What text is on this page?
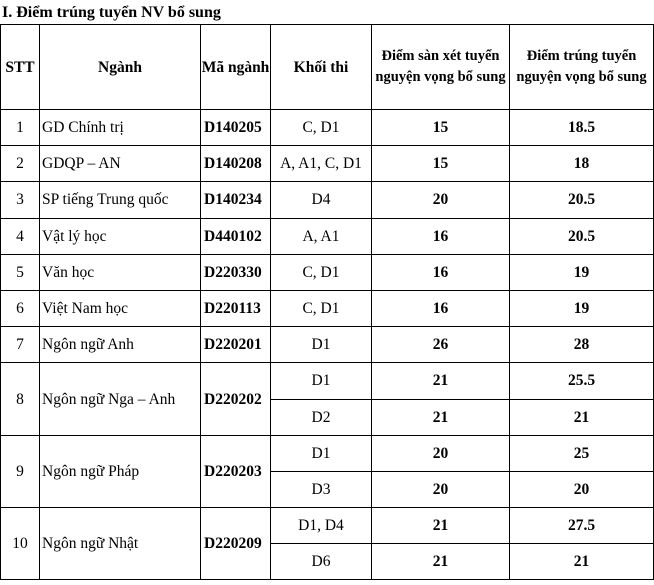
I. Điểm trúng tuyển NV bổ sung
STT	Ngành	Mã ngành	Khối thi	Điểm sàn xét tuyển nguyện vọng bổ sung	Điểm trúng tuyển nguyện vọng bổ sung
1	GD Chính trị	D140205	C, D1	15	18.5
2	GDQP – AN	D140208	A, A1, C, D1	15	18
3	SP tiếng Trung quốc	D140234	D4	20	20.5
4	Vật lý học	D440102	A, A1	16	20.5
5	Văn học	D220330	C, D1	16	19
6	Việt Nam học	D220113	C, D1	16	19
7	Ngôn ngữ Anh	D220201	D1	26	28
8	Ngôn ngữ Nga – Anh	D220202	D1	21	25.5
			D2	21	21
9	Ngôn ngữ Pháp	D220203	D1	20	25
			D3	20	20
10	Ngôn ngữ Nhật	D220209	D1, D4	21	27.5
			D6	21	21
